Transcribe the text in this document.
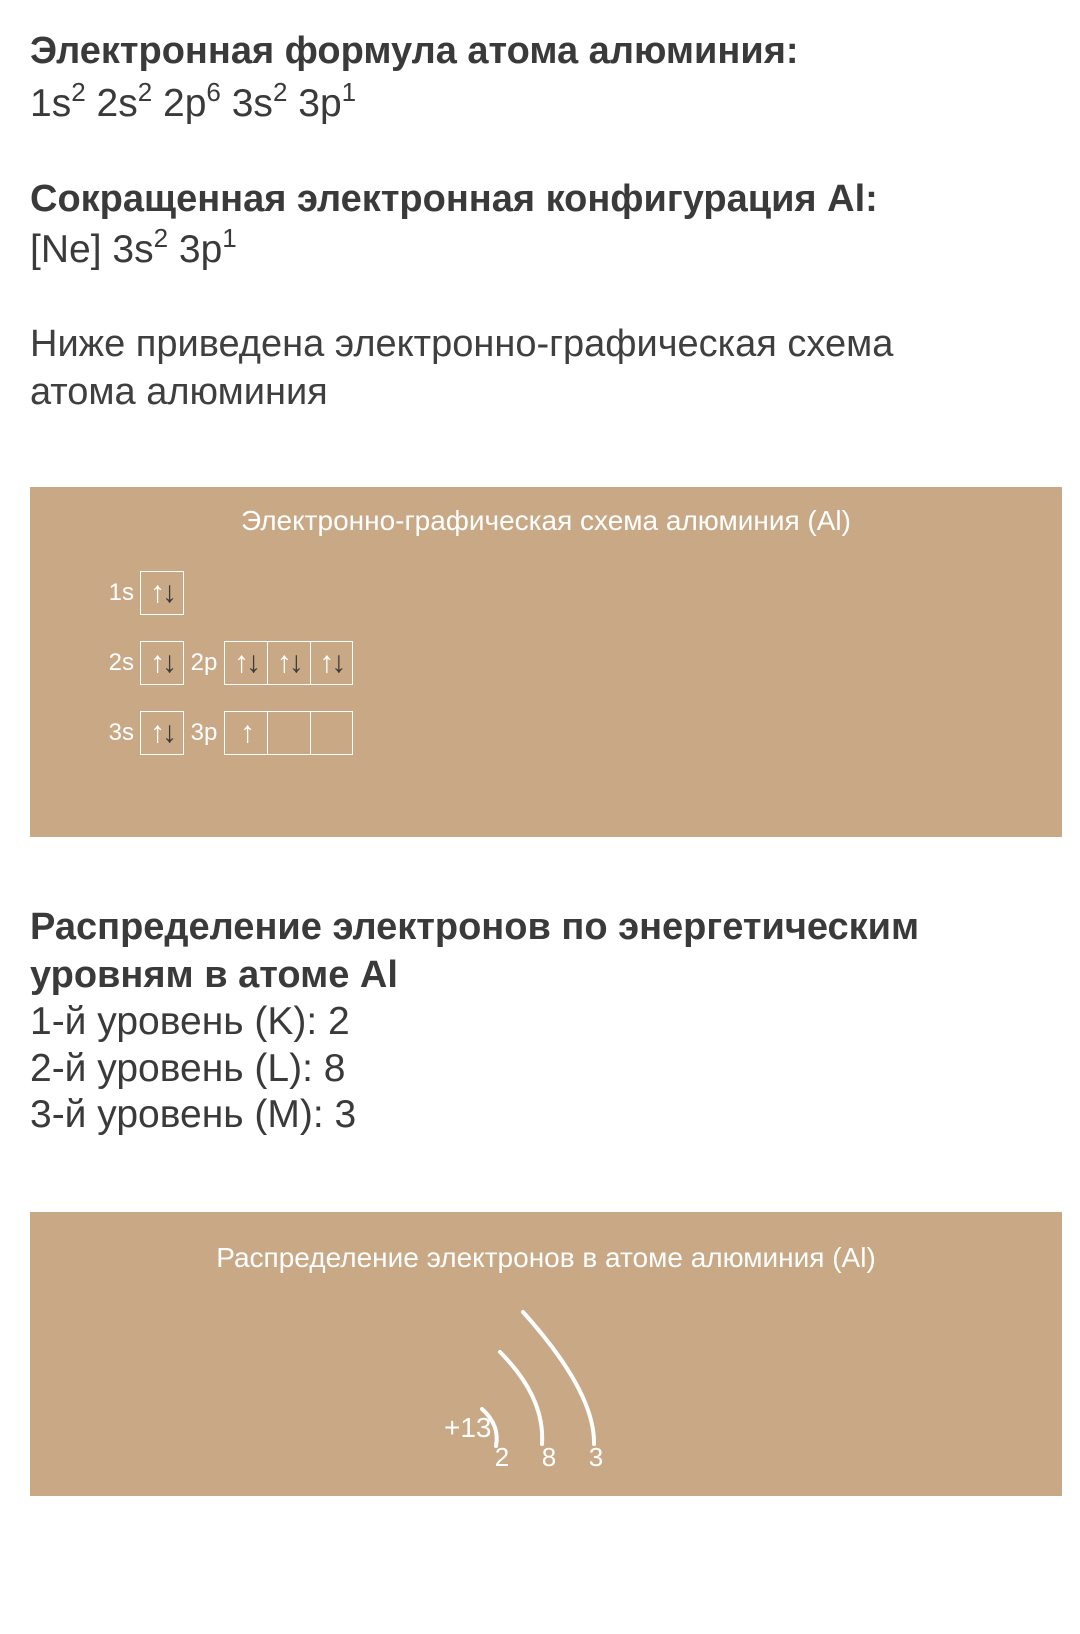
Электронная формула атома алюминия:

$1s^2$ $2s^2$ $2p^6$ $3s^2$ $3p^1$

Сокращенная электронная конфигурация Al:

[Ne] $3s^2$ $3p^1$

Ниже приведена электронно-графическая схема

атома алюминия

Электронно-графическая схема алюминия (Al)
1s ↑ ↓
2s ↑ ↓ 2p ↑ ↓ ↑ ↓ ↑ ↓
3s ↑ ↓ 3p ↑

Распределение электронов по энергетическим

уровням в атоме Al

1-й уровень (K): 2

2-й уровень (L): 8

3-й уровень (M): 3

Распределение электронов в атоме алюминия (Al)
+13
2 8 3
